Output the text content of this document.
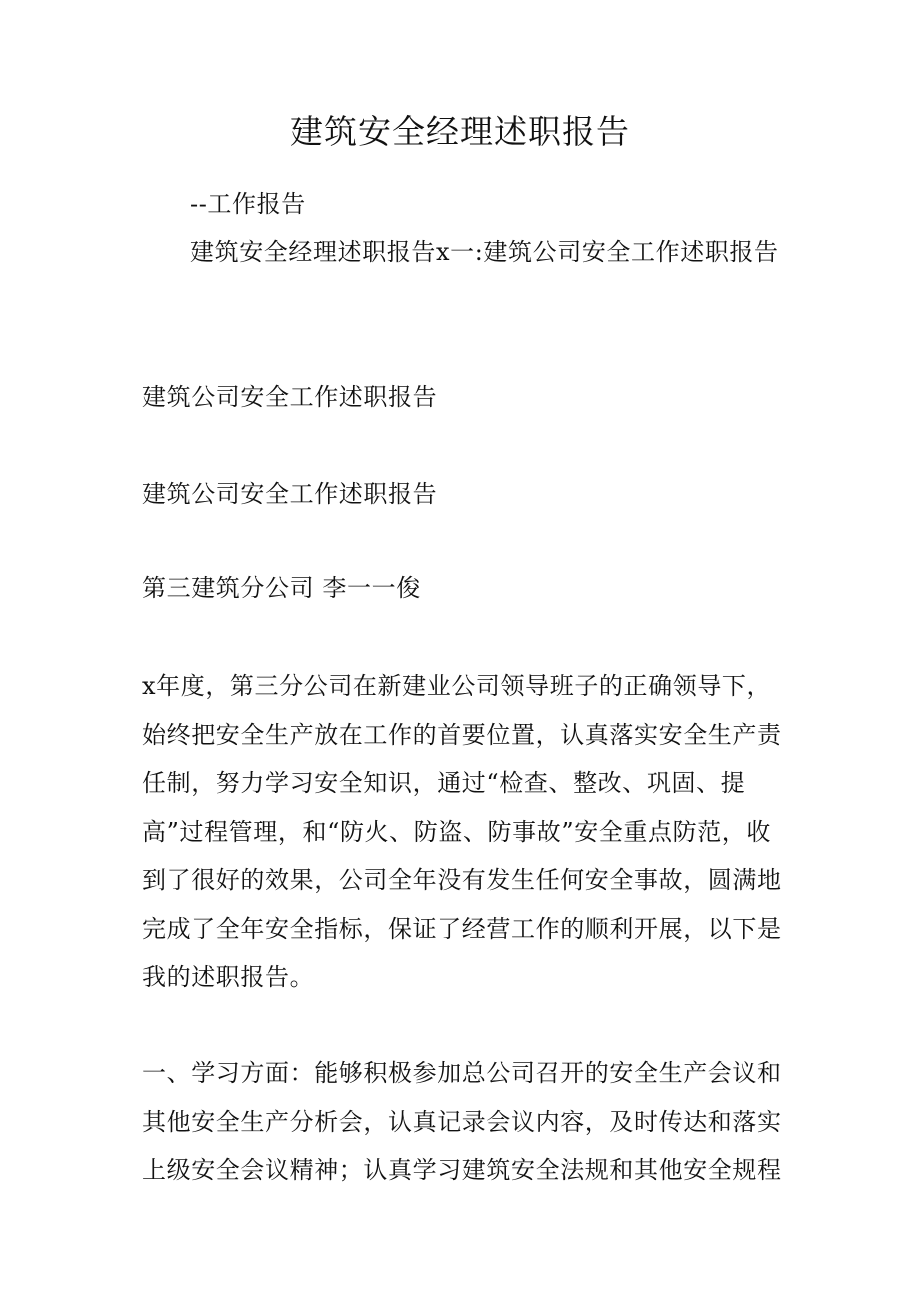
建筑安全经理述职报告

--工作报告

建筑安全经理述职报告x一:建筑公司安全工作述职报告

建筑公司安全工作述职报告

建筑公司安全工作述职报告

第三建筑分公司 李一一俊

x年度，第三分公司在新建业公司领导班子的正确领导下，始终把安全生产放在工作的首要位置，认真落实安全生产责任制，努力学习安全知识，通过“检查、整改、巩固、提高”过程管理，和“防火、防盗、防事故”安全重点防范，收到了很好的效果，公司全年没有发生任何安全事故，圆满地完成了全年安全指标，保证了经营工作的顺利开展，以下是我的述职报告。

一、学习方面：能够积极参加总公司召开的安全生产会议和其他安全生产分析会，认真记录会议内容，及时传达和落实上级安全会议精神；认真学习建筑安全法规和其他安全规程
